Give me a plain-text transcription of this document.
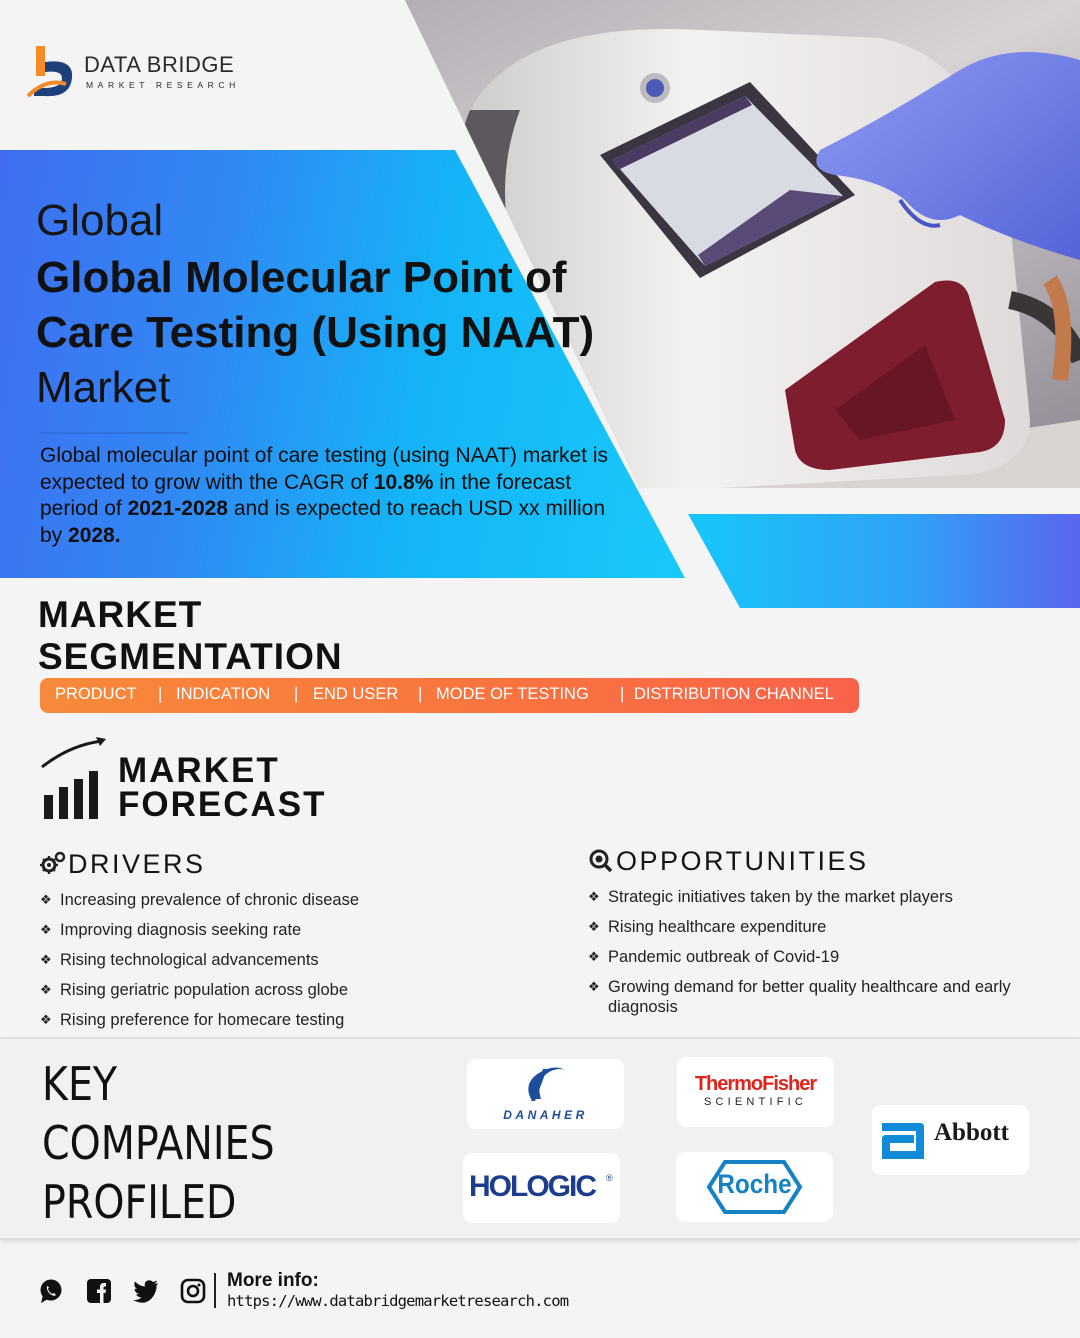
DATA BRIDGE
MARKET RESEARCH
Global
Global Molecular Point of Care Testing (Using NAAT) Market

Global molecular point of care testing (using NAAT) market is expected to grow with the CAGR of 10.8% in the forecast period of 2021-2028 and is expected to reach USD xx million by 2028.

MARKET
SEGMENTATION
PRODUCT | INDICATION | END USER | MODE OF TESTING | DISTRIBUTION CHANNEL
MARKET
FORECAST
DRIVERS
❖ Increasing prevalence of chronic disease
❖ Improving diagnosis seeking rate
❖ Rising technological advancements
❖ Rising geriatric population across globe
❖ Rising preference for homecare testing
OPPORTUNITIES
❖ Strategic initiatives taken by the market players
❖ Rising healthcare expenditure
❖ Pandemic outbreak of Covid-19
❖ Growing demand for better quality healthcare and early diagnosis
KEY
COMPANIES
PROFILED
DANAHER
ThermoFisher
SCIENTIFIC
Abbott
HOLOGIC ®	Roche
More info:
https://www.databridgemarketresearch.com
